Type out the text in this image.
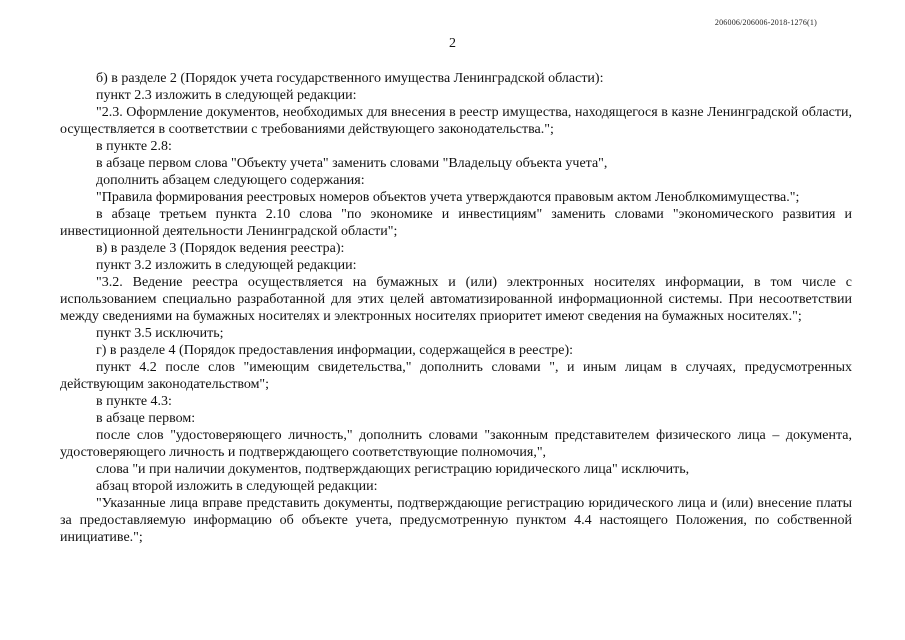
206006/206006-2018-1276(1)
2

б) в разделе 2 (Порядок учета государственного имущества Ленинградской области):

пункт 2.3 изложить в следующей редакции:

"2.3. Оформление документов, необходимых для внесения в реестр имущества, находящегося в казне Ленинградской области, осуществляется в соответствии с требованиями действующего законодательства.";

в пункте 2.8:

в абзаце первом слова "Объекту учета" заменить словами "Владельцу объекта учета",

дополнить абзацем следующего содержания:

"Правила формирования реестровых номеров объектов учета утверждаются правовым актом Леноблкомимущества.";

в абзаце третьем пункта 2.10 слова "по экономике и инвестициям" заменить словами "экономического развития и инвестиционной деятельности Ленинградской области";

в) в разделе 3 (Порядок ведения реестра):

пункт 3.2 изложить в следующей редакции:

"3.2. Ведение реестра осуществляется на бумажных и (или) электронных носителях информации, в том числе с использованием специально разработанной для этих целей автоматизированной информационной системы. При несоответствии между сведениями на бумажных носителях и электронных носителях приоритет имеют сведения на бумажных носителях.";

пункт 3.5 исключить;

г) в разделе 4 (Порядок предоставления информации, содержащейся в реестре):

пункт 4.2 после слов "имеющим свидетельства," дополнить словами ", и иным лицам в случаях, предусмотренных действующим законодательством";

в пункте 4.3:

в абзаце первом:

после слов "удостоверяющего личность," дополнить словами "законным представителем физического лица – документа, удостоверяющего личность и подтверждающего соответствующие полномочия,",

слова "и при наличии документов, подтверждающих регистрацию юридического лица" исключить,

абзац второй изложить в следующей редакции:

"Указанные лица вправе представить документы, подтверждающие регистрацию юридического лица и (или) внесение платы за предоставляемую информацию об объекте учета, предусмотренную пунктом 4.4 настоящего Положения, по собственной инициативе.";
